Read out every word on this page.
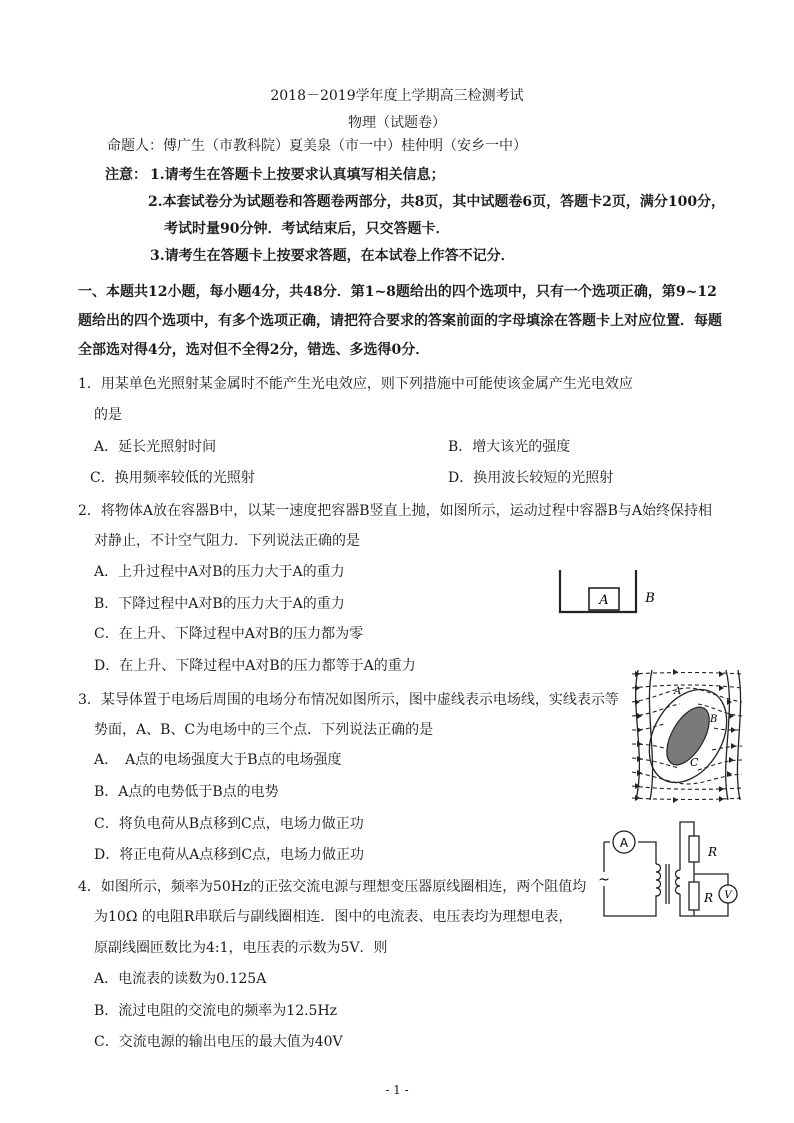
2018－2019学年度上学期高三检测考试
物理（试题卷）
命题人：傅广生（市教科院）夏美泉（市一中）桂仲明（安乡一中）
注意： 1.请考生在答题卡上按要求认真填写相关信息；
2.本套试卷分为试题卷和答题卷两部分，共8页，其中试题卷6页，答题卡2页，满分100分，
考试时量90分钟．考试结束后，只交答题卡．
3.请考生在答题卡上按要求答题，在本试卷上作答不记分．
一、本题共12小题，每小题4分，共48分．第1~8题给出的四个选项中，只有一个选项正确，第9~12
题给出的四个选项中，有多个选项正确，请把符合要求的答案前面的字母填涂在答题卡上对应位置．每题
全部选对得4分，选对但不全得2分，错选、多选得0分．
1．用某单色光照射某金属时不能产生光电效应，则下列措施中可能使该金属产生光电效应
的是
A．延长光照射时间	B．增大该光的强度
C．换用频率较低的光照射	D．换用波长较短的光照射
2．将物体A放在容器B中，以某一速度把容器B竖直上抛，如图所示，运动过程中容器B与A始终保持相
对静止，不计空气阻力．下列说法正确的是
A．上升过程中A对B的压力大于A的重力
B．下降过程中A对B的压力大于A的重力
C．在上升、下降过程中A对B的压力都为零
D．在上升、下降过程中A对B的压力都等于A的重力
A	B
3．某导体置于电场后周围的电场分布情况如图所示，图中虚线表示电场线，实线表示等
势面，A、B、C为电场中的三个点．下列说法正确的是
A．　A点的电场强度大于B点的电场强度
B．A点的电势低于B点的电势
C．将负电荷从B点移到C点，电场力做正功
D．将正电荷从A点移到C点，电场力做正功
A
B
C
4．如图所示，频率为50Hz的正弦交流电源与理想变压器原线圈相连，两个阻值均
为10Ω 的电阻R串联后与副线圈相连．图中的电流表、电压表均为理想电表，
原副线圈匝数比为4:1，电压表的示数为5V．则
A．电流表的读数为0.125A
B．流过电阻的交流电的频率为12.5Hz
C．交流电源的输出电压的最大值为40V
A
V
R
R
~
- 1 -
